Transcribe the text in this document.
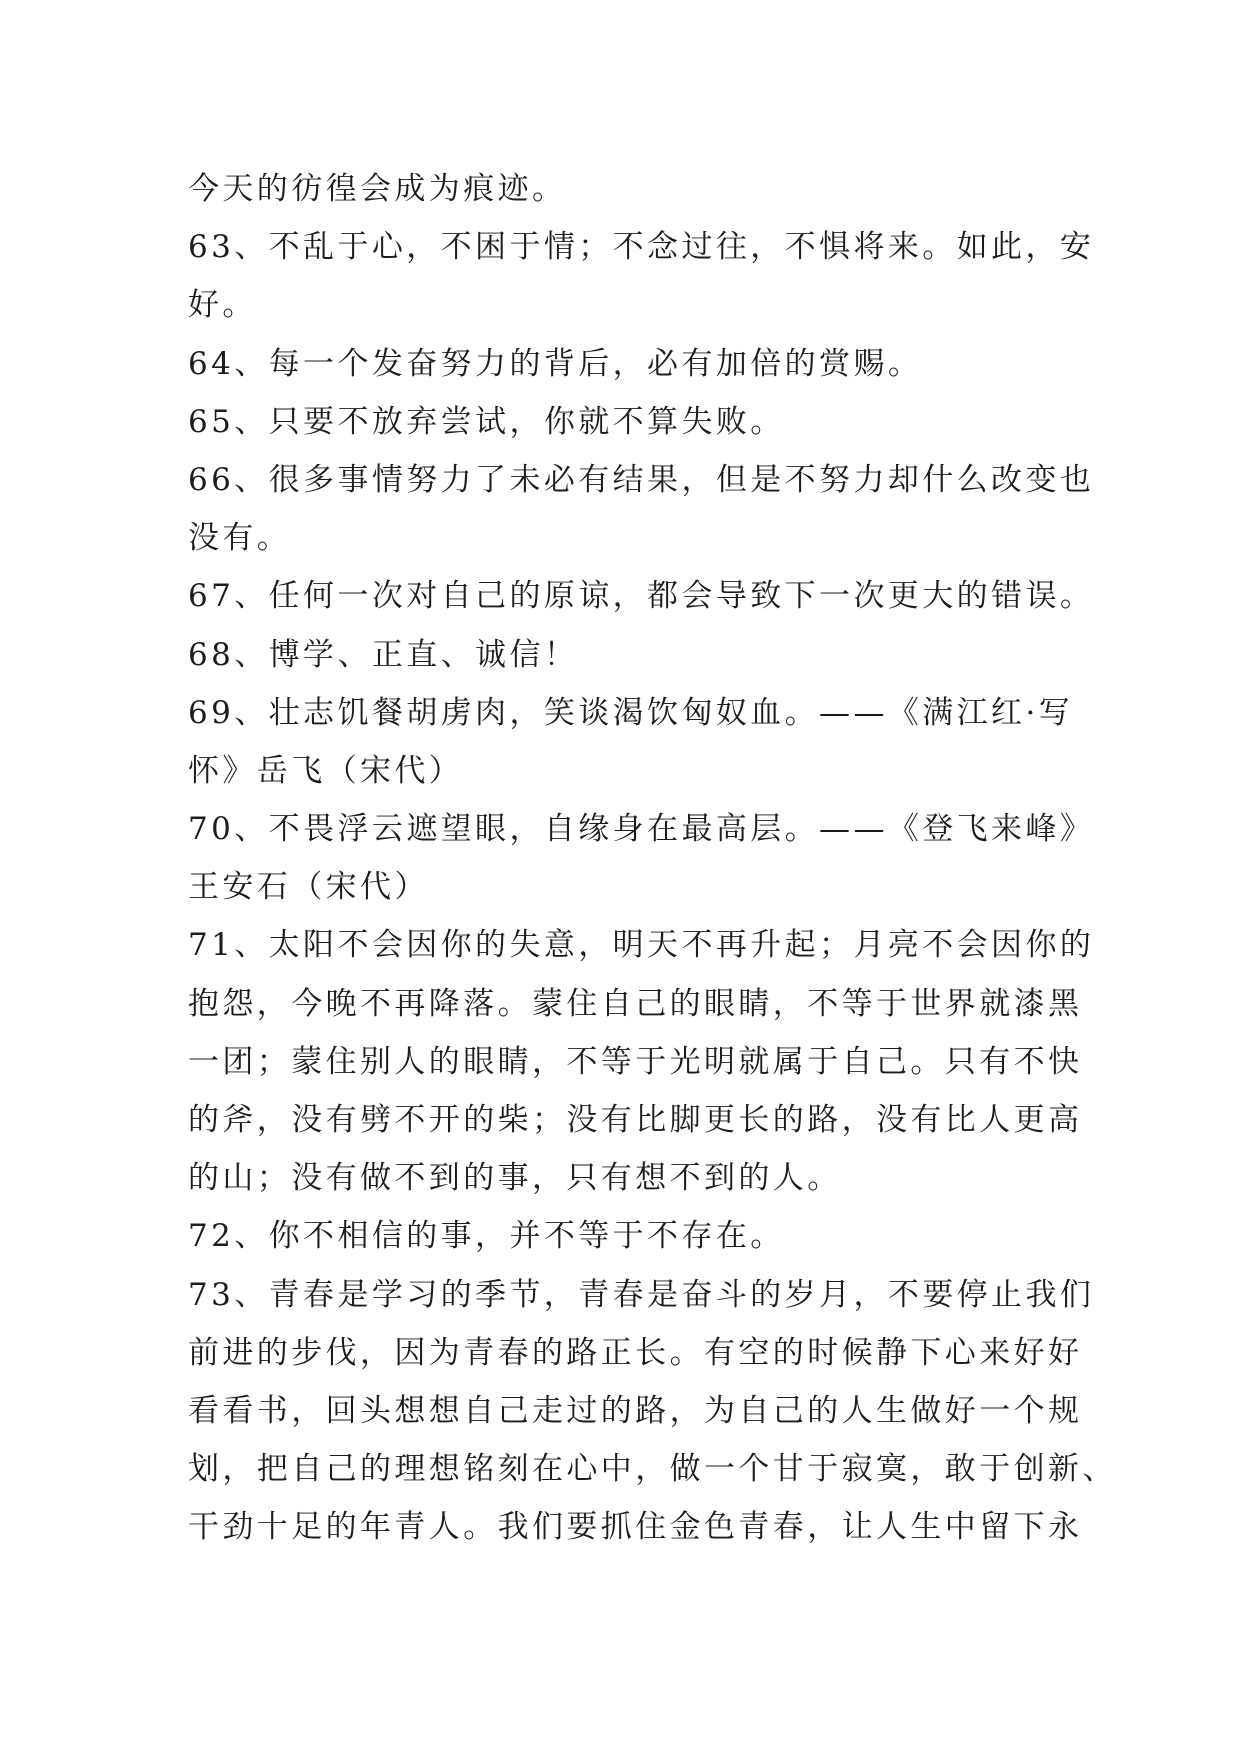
今天的彷徨会成为痕迹。
63、不乱于心，不困于情；不念过往，不惧将来。如此，安
好。
64、每一个发奋努力的背后，必有加倍的赏赐。
65、只要不放弃尝试，你就不算失败。
66、很多事情努力了未必有结果，但是不努力却什么改变也
没有。
67、任何一次对自己的原谅，都会导致下一次更大的错误。
68、博学、正直、诚信！
69、壮志饥餐胡虏肉，笑谈渴饮匈奴血。——《满江红·写
怀》岳飞（宋代）
70、不畏浮云遮望眼，自缘身在最高层。——《登飞来峰》
王安石（宋代）
71、太阳不会因你的失意，明天不再升起；月亮不会因你的
抱怨，今晚不再降落。蒙住自己的眼睛，不等于世界就漆黑
一团；蒙住别人的眼睛，不等于光明就属于自己。只有不快
的斧，没有劈不开的柴；没有比脚更长的路，没有比人更高
的山；没有做不到的事，只有想不到的人。
72、你不相信的事，并不等于不存在。
73、青春是学习的季节，青春是奋斗的岁月，不要停止我们
前进的步伐，因为青春的路正长。有空的时候静下心来好好
看看书，回头想想自己走过的路，为自己的人生做好一个规
划，把自己的理想铭刻在心中，做一个甘于寂寞，敢于创新、
干劲十足的年青人。我们要抓住金色青春，让人生中留下永
